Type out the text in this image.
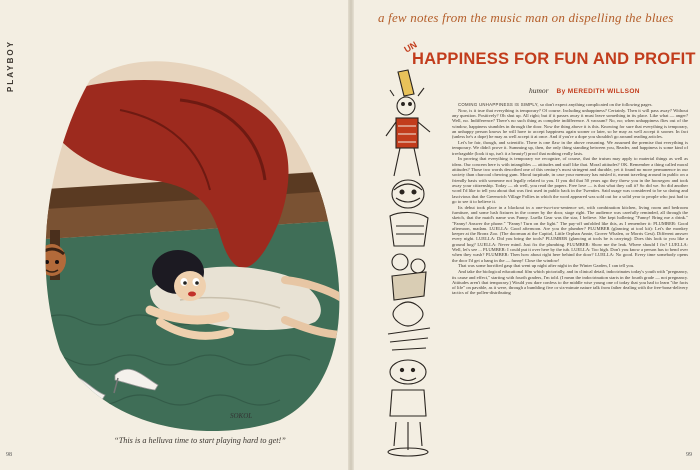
PLAYBOY
SOKOL
“This is a helluva time to start playing hard to get!”
98
a few notes from the music man on dispelling the blues
UN
HAPPINESS FOR FUN AND PROFIT
humor By MEREDITH WILLSON

COMING UNHAPPINESS IS SIMPLY, so don't expect anything complicated on the following pages.

Now, is it true that everything is temporary? Of course. Including unhappiness? Certainly. Then it will pass away? Without any question. Positively? Oh shut up. All right; but if it passes away it must leave something in its place. Like what — anger? Well, no. Indifference? There's no such thing as complete indifference. A vacuum? No, no; when unhappiness flies out of the window, happiness stumbles in through the door. Now the thing above it is this. Knowing for sure that everything is temporary, an unhappy person knows he will have to accept happiness again sooner or later, so he may as well accept it sooner. In fact (unless he's a dope) he may as well accept it at once. And if you're a dope you shouldn't go around reading articles.

Let's be fair, though, and scientific. There is one flaw in the above reasoning. We assumed the premise that everything is temporary. We didn't prove it. Summing up, then, the only thing standing between you, Reader, and happiness is some kind of irrefragable (look it up, isn't it a beauty!) proof that nothing really lasts.

In proving that everything is temporary we recognize, of course, that the truism may apply to material things as well as ideas. Our concern here is with intangibles — attitudes and stuff like that. Moral attitudes? OK. Remember a thing called moral attitudes? Those two words described one of this century's most stringent and durable, yet it found no more permanence in our society than charcoal chewing gum. Moral turpitude, in case your memory has misled it, meant traveling around in public on a friendly basis with someone not legally related to you. If you did that 50 years ago they threw you in the hoosegow and took away your citizenship. Today — oh well, you read the papers. Free love — is that what they call it? So did we. So did another word I'd like to tell you about that was first used in public back in the Twenties. Said usage was considered to be so daring and lascivious that the Greenwich Village Follies in which the word appeared was sold out for a solid year to people who just had to go to see it to believe it.

Its debut took place in a blackout in a one-two-two-sentence set, with combination kitchen, living room and bedroom furniture, and some lush fixtures in the corner by the door, stage right. The audience was carefully reminded, all through the sketch, that the maid's name was Fanny. Luella Gear was the star, I believe. She kept hollering "Fanny! Bring me a drink." "Fanny! Answer the phone." "Fanny! Turn on the light." The pay-off unfolded like this, as I remember it: PLUMBER: Good afternoon, madam. LUELLA: Good afternoon. Are you the plumber? PLUMBER (glancing at tool kit): Let's the monkey keeper at the Bronx Zoo. (The doorman at the Capitol, Little Orphan Annie, Grover Whalen, or Morris Gest). Different answer every night. LUELLA: Did you bring the tools? PLUMBER (glancing at tools be is carrying): Does this look to you like a ground hog? LUELLA: Never mind. Just fix the plumbing. PLUMBER: Show me the leak. Where should I fix? LUELLA: Well, let's see ... PLUMBER: I could put it over here by the tub. LUELLA: Too high. Don't you know a person has to bend over when they wash? PLUMBER: Then how about right here behind the door? LUELLA: No good. Every time somebody opens the door I'd get a bang in the — funny! Close the window!

That was some horrified gasp that went up night after night in the Winter Garden, I can tell you.

And take the biological educational film which pictorially, and in clinical detail, indoctrinates today's youth with "pregnancy, its cause and effect," starting with fourth graders, I'm told. (I mean the indoctrination starts in the fourth grade — not pregnancy. Attitudes aren't that temporary.) Would you dare confess to the middle wise young one of today that you had to learn "the facts of life" on pavable, as it were, through a bumbling five or six-minute nature talk from father dealing with the free-bona-delivery tactics of the pollen-distributing

99
